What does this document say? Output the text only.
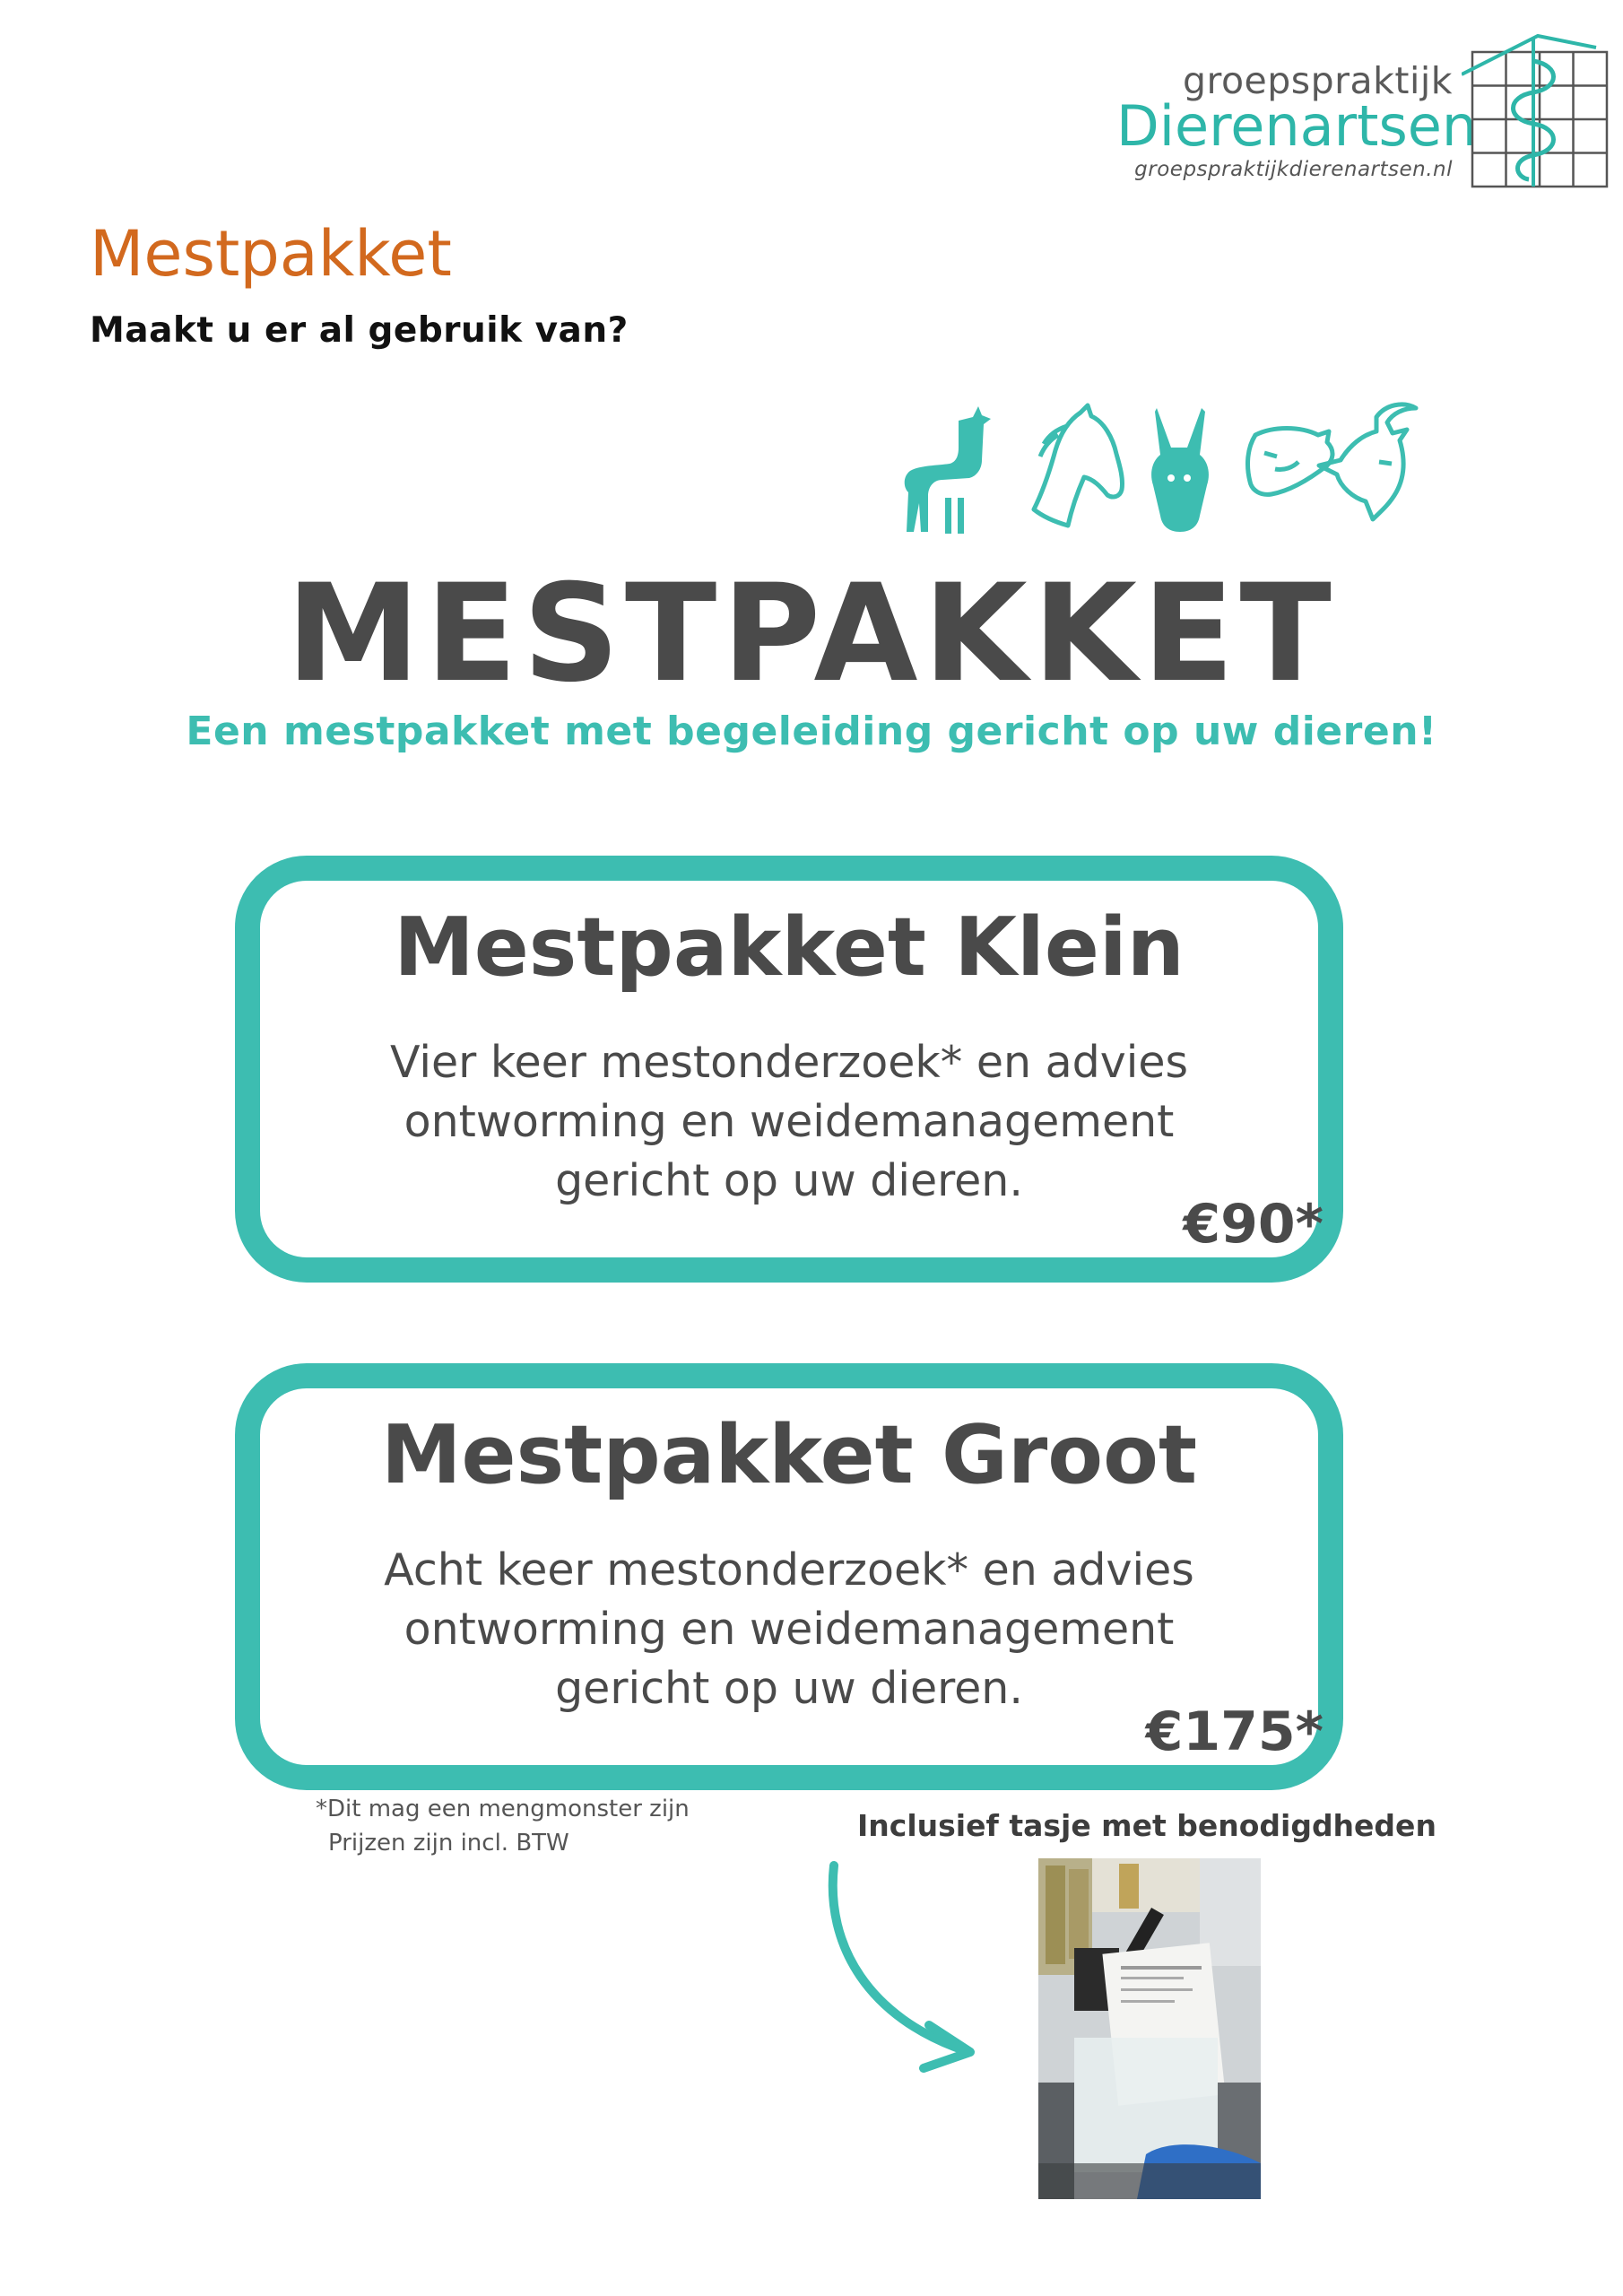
groepspraktijk
Dierenartsen
groepspraktijkdierenartsen.nl
Mestpakket
Maakt u er al gebruik van?
MESTPAKKET
Een mestpakket met begeleiding gericht op uw dieren!
Mestpakket Klein
Vier keer mestonderzoek* en advies
ontworming en weidemanagement
gericht op uw dieren.
€90*
Mestpakket Groot
Acht keer mestonderzoek* en advies
ontworming en weidemanagement
gericht op uw dieren.
€175*
*Dit mag een mengmonster zijn
Prijzen zijn incl. BTW	Inclusief tasje met benodigdheden
